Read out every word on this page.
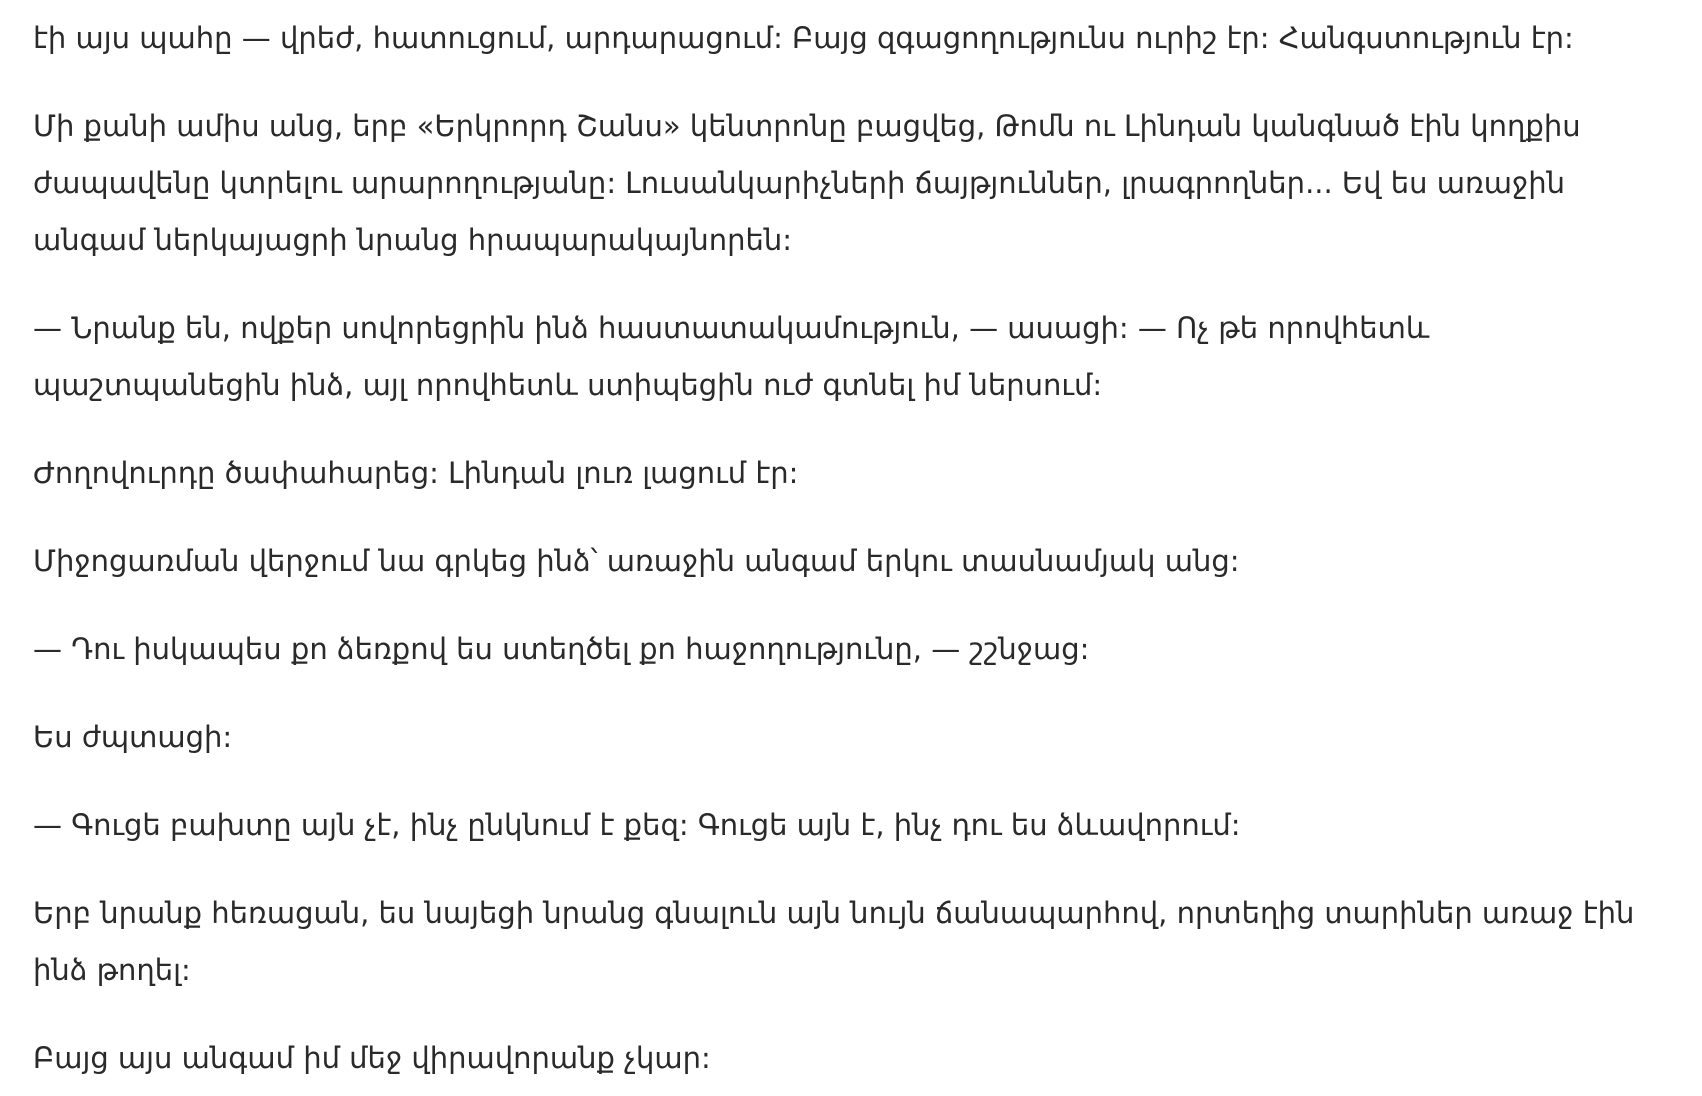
էի այս պահը — վրեժ, հատուցում, արդարացում: Բայց զգացողությունս ուրիշ էր: Հանգստություն էր:

Մի քանի ամիս անց, երբ «Երկրորդ Շանս» կենտրոնը բացվեց, Թոմն ու Լինդան կանգնած էին կողքիս ժապավենը կտրելու արարողությանը: Լուսանկարիչների ճայթյուններ, լրագրողներ... Եվ ես առաջին անգամ ներկայացրի նրանց հրապարակայնորեն:

— Նրանք են, ովքեր սովորեցրին ինձ հաստատակամություն, — ասացի: — Ոչ թե որովհետև պաշտպանեցին ինձ, այլ որովհետև ստիպեցին ուժ գտնել իմ ներսում:

Ժողովուրդը ծափահարեց: Լինդան լուռ լացում էր:

Միջոցառման վերջում նա գրկեց ինձ՝ առաջին անգամ երկու տասնամյակ անց:

— Դու իսկապես քո ձեռքով ես ստեղծել քո հաջողությունը, — շշնջաց:

Ես ժպտացի:

— Գուցե բախտը այն չէ, ինչ ընկնում է քեզ: Գուցե այն է, ինչ դու ես ձևավորում:

Երբ նրանք հեռացան, ես նայեցի նրանց գնալուն այն նույն ճանապարհով, որտեղից տարիներ առաջ էին ինձ թողել:

Բայց այս անգամ իմ մեջ վիրավորանք չկար:
